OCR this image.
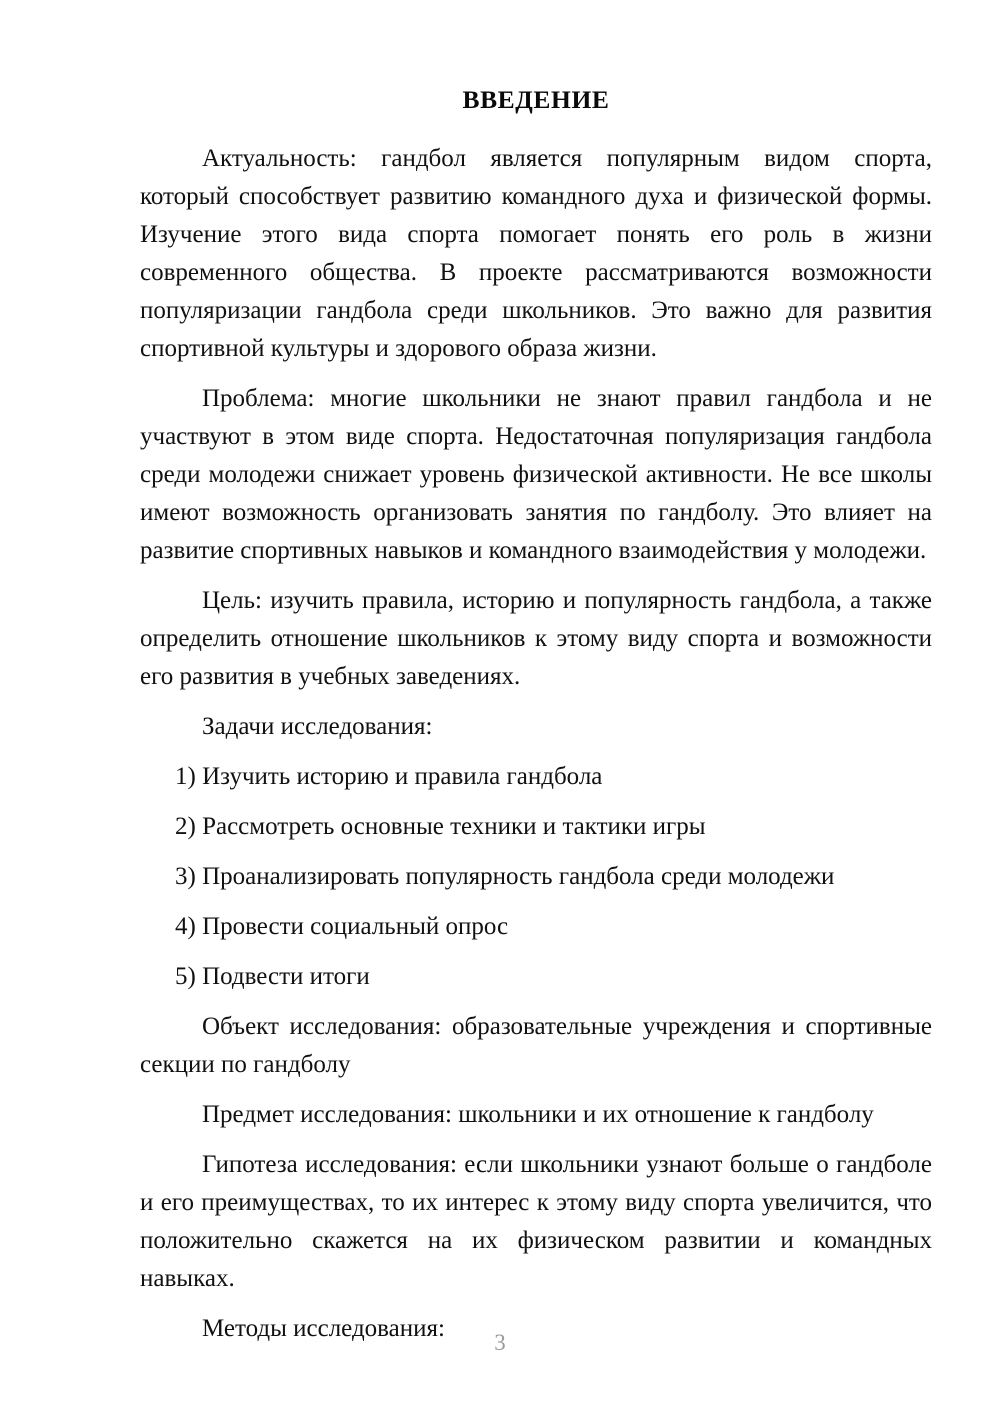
ВВЕДЕНИЕ

Актуальность: гандбол является популярным видом спорта, который способствует развитию командного духа и физической формы. Изучение этого вида спорта помогает понять его роль в жизни современного общества. В проекте рассматриваются возможности популяризации гандбола среди школьников. Это важно для развития спортивной культуры и здорового образа жизни.

Проблема: многие школьники не знают правил гандбола и не участвуют в этом виде спорта. Недостаточная популяризация гандбола среди молодежи снижает уровень физической активности. Не все школы имеют возможность организовать занятия по гандболу. Это влияет на развитие спортивных навыков и командного взаимодействия у молодежи.

Цель: изучить правила, историю и популярность гандбола, а также определить отношение школьников к этому виду спорта и возможности его развития в учебных заведениях.

Задачи исследования:

1) Изучить историю и правила гандбола
2) Рассмотреть основные техники и тактики игры
3) Проанализировать популярность гандбола среди молодежи
4) Провести социальный опрос
5) Подвести итоги

Объект исследования: образовательные учреждения и спортивные секции по гандболу

Предмет исследования: школьники и их отношение к гандболу

Гипотеза исследования: если школьники узнают больше о гандболе и его преимуществах, то их интерес к этому виду спорта увеличится, что положительно скажется на их физическом развитии и командных навыках.

Методы исследования:

3
